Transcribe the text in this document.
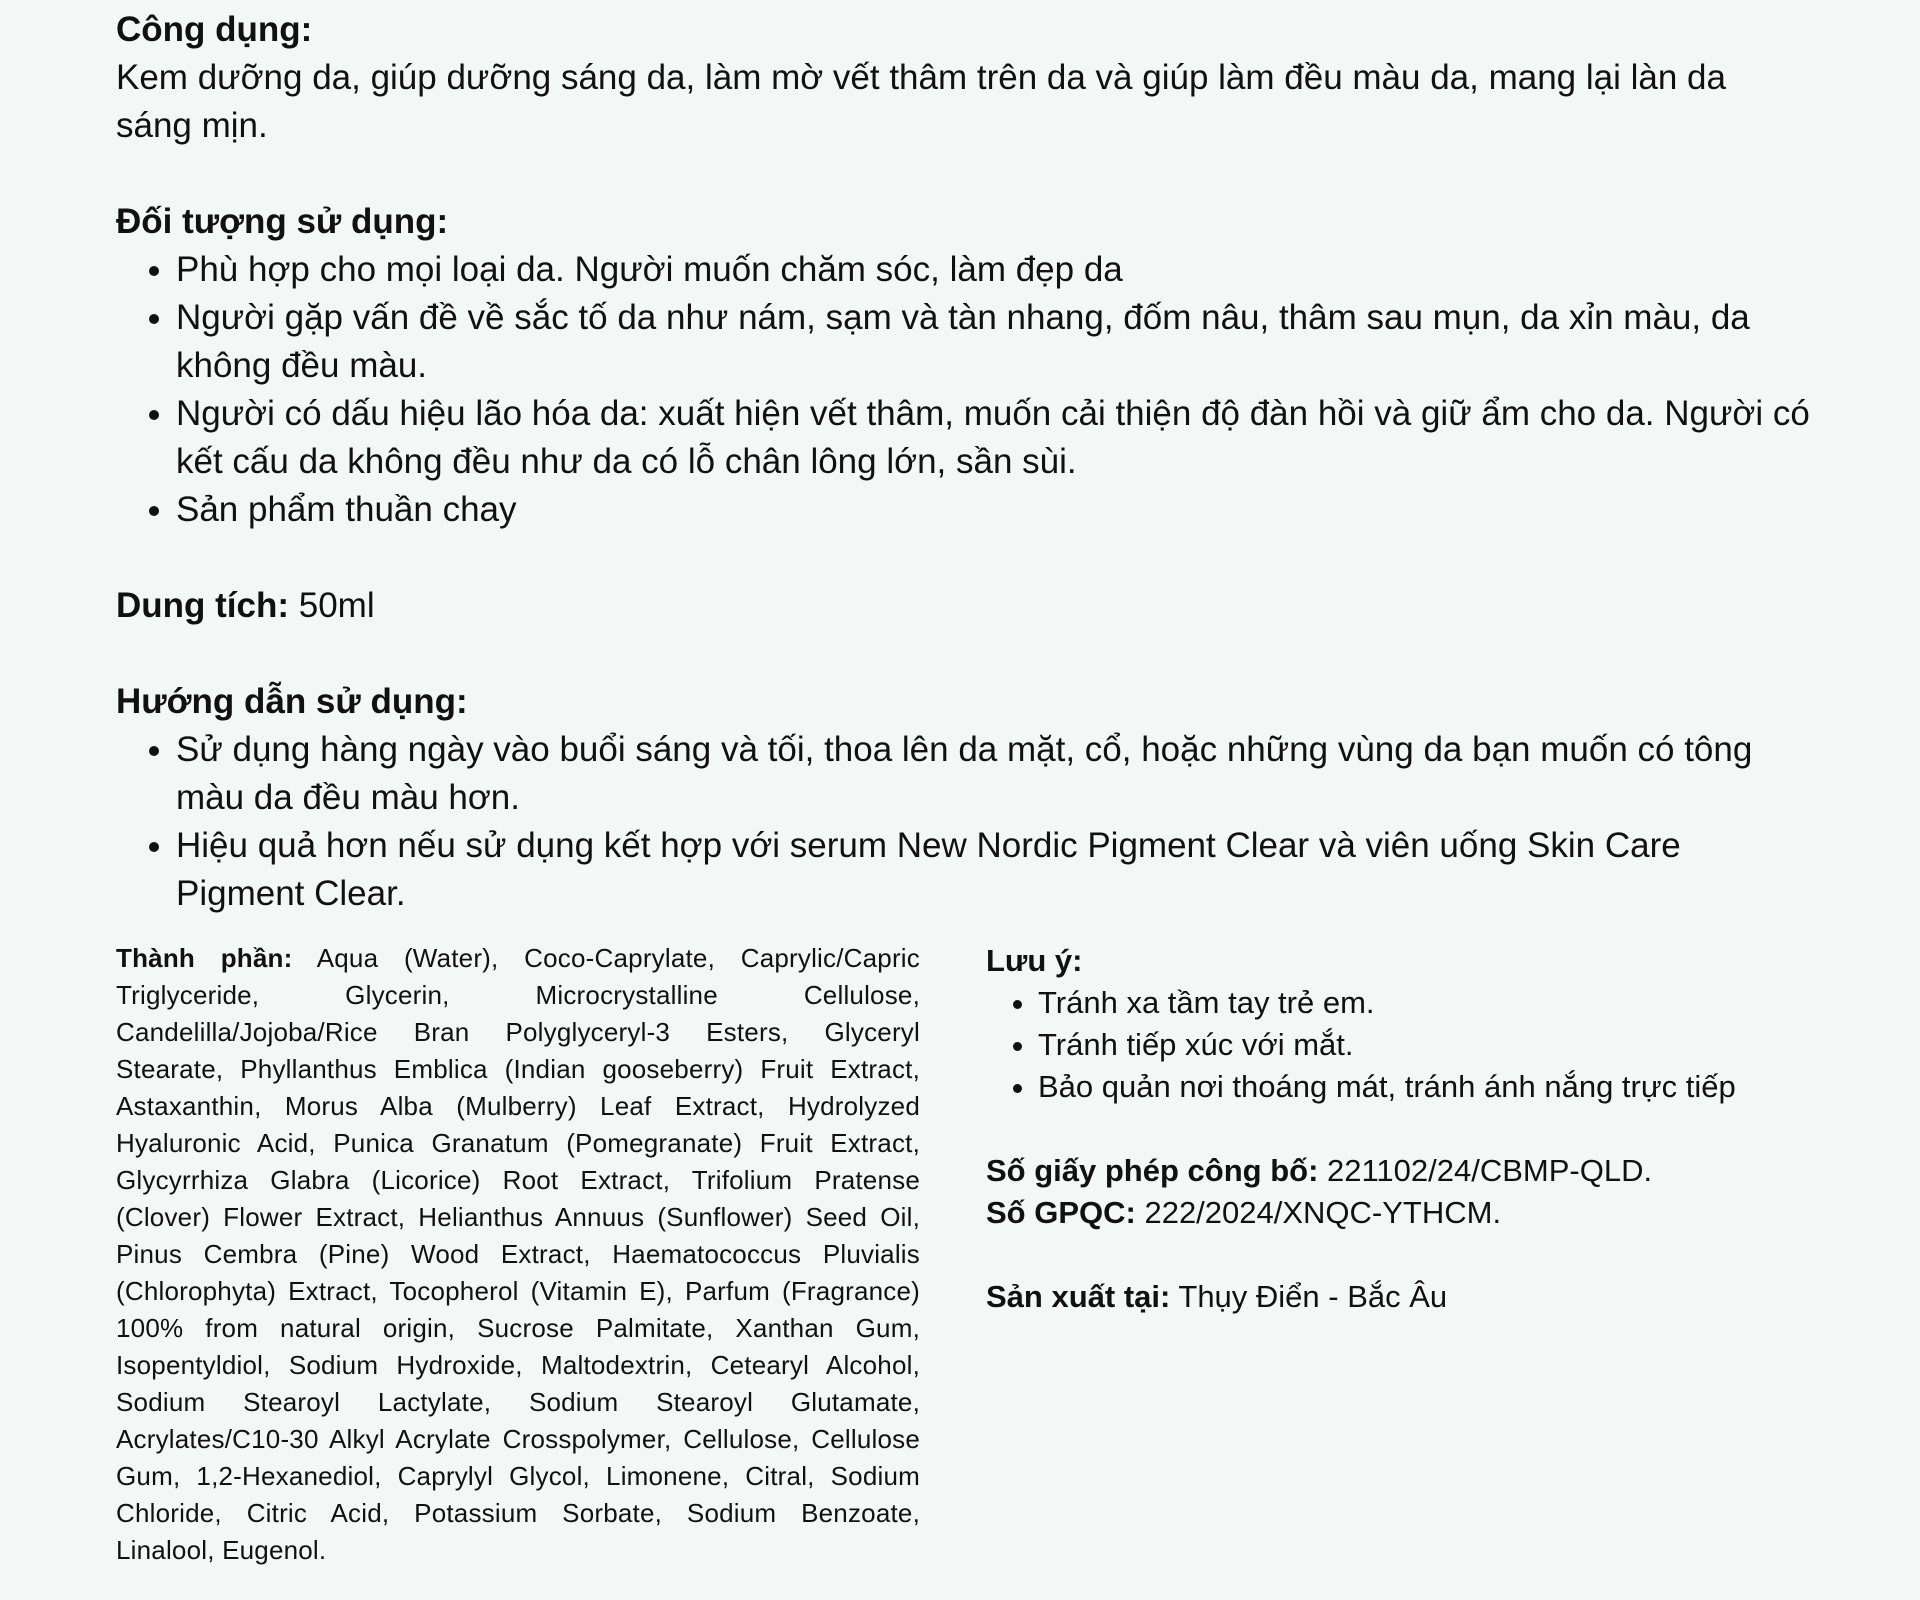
Công dụng:

Kem dưỡng da, giúp dưỡng sáng da, làm mờ vết thâm trên da và giúp làm đều màu da, mang lại làn da sáng mịn.

Đối tượng sử dụng:
• Phù hợp cho mọi loại da. Người muốn chăm sóc, làm đẹp da
• Người gặp vấn đề về sắc tố da như nám, sạm và tàn nhang, đốm nâu, thâm sau mụn, da xỉn màu, da không đều màu.
• Người có dấu hiệu lão hóa da: xuất hiện vết thâm, muốn cải thiện độ đàn hồi và giữ ẩm cho da. Người có kết cấu da không đều như da có lỗ chân lông lớn, sần sùi.
• Sản phẩm thuần chay
Dung tích: 50ml
Hướng dẫn sử dụng:
• Sử dụng hàng ngày vào buổi sáng và tối, thoa lên da mặt, cổ, hoặc những vùng da bạn muốn có tông màu da đều màu hơn.
• Hiệu quả hơn nếu sử dụng kết hợp với serum New Nordic Pigment Clear và viên uống Skin Care Pigment Clear.
Thành phần: Aqua (Water), Coco-Caprylate, Caprylic/Capric Triglyceride, Glycerin, Microcrystalline Cellulose, Candelilla/Jojoba/Rice Bran Polyglyceryl-3 Esters, Glyceryl Stearate, Phyllanthus Emblica (Indian gooseberry) Fruit Extract, Astaxanthin, Morus Alba (Mulberry) Leaf Extract, Hydrolyzed Hyaluronic Acid, Punica Granatum (Pomegranate) Fruit Extract, Glycyrrhiza Glabra (Licorice) Root Extract, Trifolium Pratense (Clover) Flower Extract, Helianthus Annuus (Sunflower) Seed Oil, Pinus Cembra (Pine) Wood Extract, Haematococcus Pluvialis (Chlorophyta) Extract, Tocopherol (Vitamin E), Parfum (Fragrance) 100% from natural origin, Sucrose Palmitate, Xanthan Gum, Isopentyldiol, Sodium Hydroxide, Maltodextrin, Cetearyl Alcohol, Sodium Stearoyl Lactylate, Sodium Stearoyl Glutamate, Acrylates/C10-30 Alkyl Acrylate Crosspolymer, Cellulose, Cellulose Gum, 1,2-Hexanediol, Caprylyl Glycol, Limonene, Citral, Sodium Chloride, Citric Acid, Potassium Sorbate, Sodium Benzoate, Linalool, Eugenol.
Lưu ý:
• Tránh xa tầm tay trẻ em.
• Tránh tiếp xúc với mắt.
• Bảo quản nơi thoáng mát, tránh ánh nắng trực tiếp
Số giấy phép công bố: 221102/24/CBMP-QLD.
Số GPQC: 222/2024/XNQC-YTHCM.
Sản xuất tại: Thụy Điển - Bắc Âu
